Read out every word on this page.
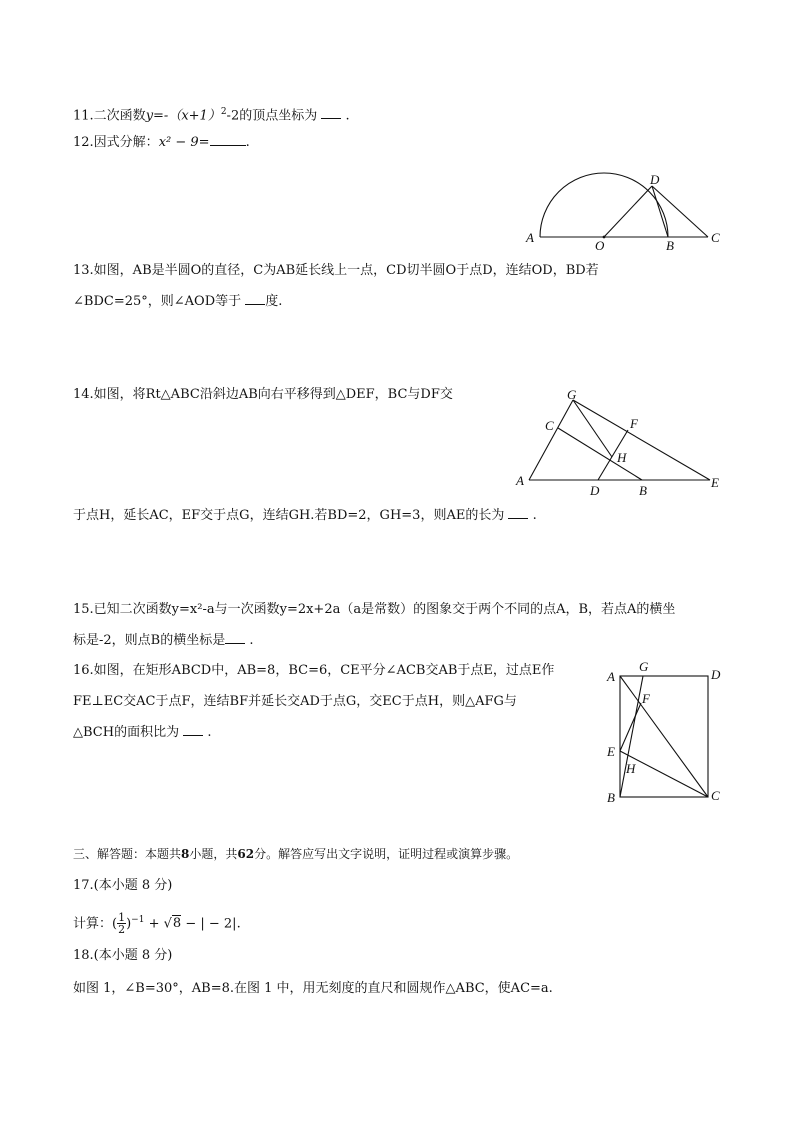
11.二次函数$y=-(x+1)^2-2$的顶点坐标为 .
12.因式分解：x² − 9=	.
A
O	B
C
D
13.如图，AB是半圆O的直径，C为AB延长线上一点，CD切半圆O于点D，连结OD，BD若
∠BDC=25°，则∠AOD等于 度.
14.如图，将Rt△ABC沿斜边AB向右平移得到△DEF，BC与DF交	G
C	F
H
A
D	B
E
于点H，延长AC，EF交于点G，连结GH.若BD=2，GH=3，则AE的长为 .
15.已知二次函数y=x²-a与一次函数y=2x+2a（a是常数）的图象交于两个不同的点A，B，若点A的横坐
标是-2，则点B的横坐标是 .
16.如图，在矩形ABCD中，AB=8，BC=6，CE平分∠ACB交AB于点E，过点E作
FE⊥EC交AC于点F，连结BF并延长交AD于点G，交EC于点H，则△AFG与
△BCH的面积比为 .
A
G
D
F
E
H
B	C
三、解答题：本题共8小题，共62分。解答应写出文字说明，证明过程或演算步骤。
17.(本小题 8 分)
计算：( $\frac{1}{2} )^{-1} + √8$ − | − 2|.
18.(本小题 8 分)
如图 1，∠B=30°，AB=8.在图 1 中，用无刻度的直尺和圆规作△ABC，使AC=a.
